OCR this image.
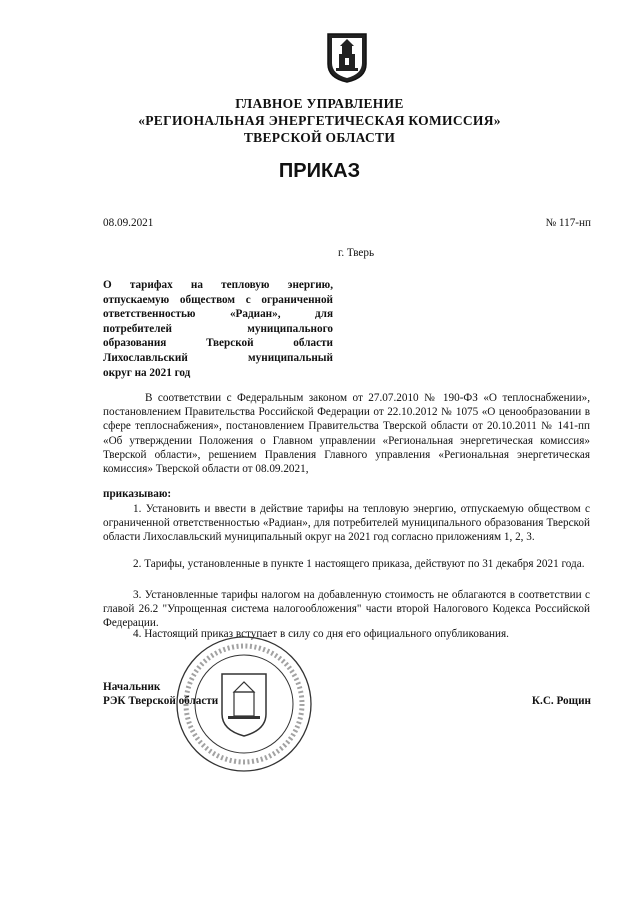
ГЛАВНОЕ УПРАВЛЕНИЕ
«РЕГИОНАЛЬНАЯ ЭНЕРГЕТИЧЕСКАЯ КОМИССИЯ»
ТВЕРСКОЙ ОБЛАСТИ
ПРИКАЗ
08.09.2021	№ 117-нп
г. Тверь
О тарифах на тепловую энергию,
отпускаемую обществом с ограниченной
ответственностью «Радиан», для
потребителей муниципального
образования Тверской области
Лихославльский муниципальный
округ на 2021 год
В соответствии с Федеральным законом от 27.07.2010 № 190-ФЗ «О теплоснабжении», постановлением Правительства Российской Федерации от 22.10.2012 № 1075 «О ценообразовании в сфере теплоснабжения», постановлением Правительства Тверской области от 20.10.2011 № 141-пп «Об утверждении Положения о Главном управлении «Региональная энергетическая комиссия» Тверской области», решением Правления Главного управления «Региональная энергетическая комиссия» Тверской области от 08.09.2021,
приказываю:
1. Установить и ввести в действие тарифы на тепловую энергию, отпускаемую обществом с ограниченной ответственностью «Радиан», для потребителей муниципального образования Тверской области Лихославльский муниципальный округ на 2021 год согласно приложениям 1, 2, 3.
2. Тарифы, установленные в пункте 1 настоящего приказа, действуют по 31 декабря 2021 года.
3. Установленные тарифы налогом на добавленную стоимость не облагаются в соответствии с главой 26.2 "Упрощенная система налогообложения" части второй Налогового Кодекса Российской Федерации.
4. Настоящий приказ вступает в силу со дня его официального опубликования.
Начальник
РЭК Тверской области	К.С. Рощин
